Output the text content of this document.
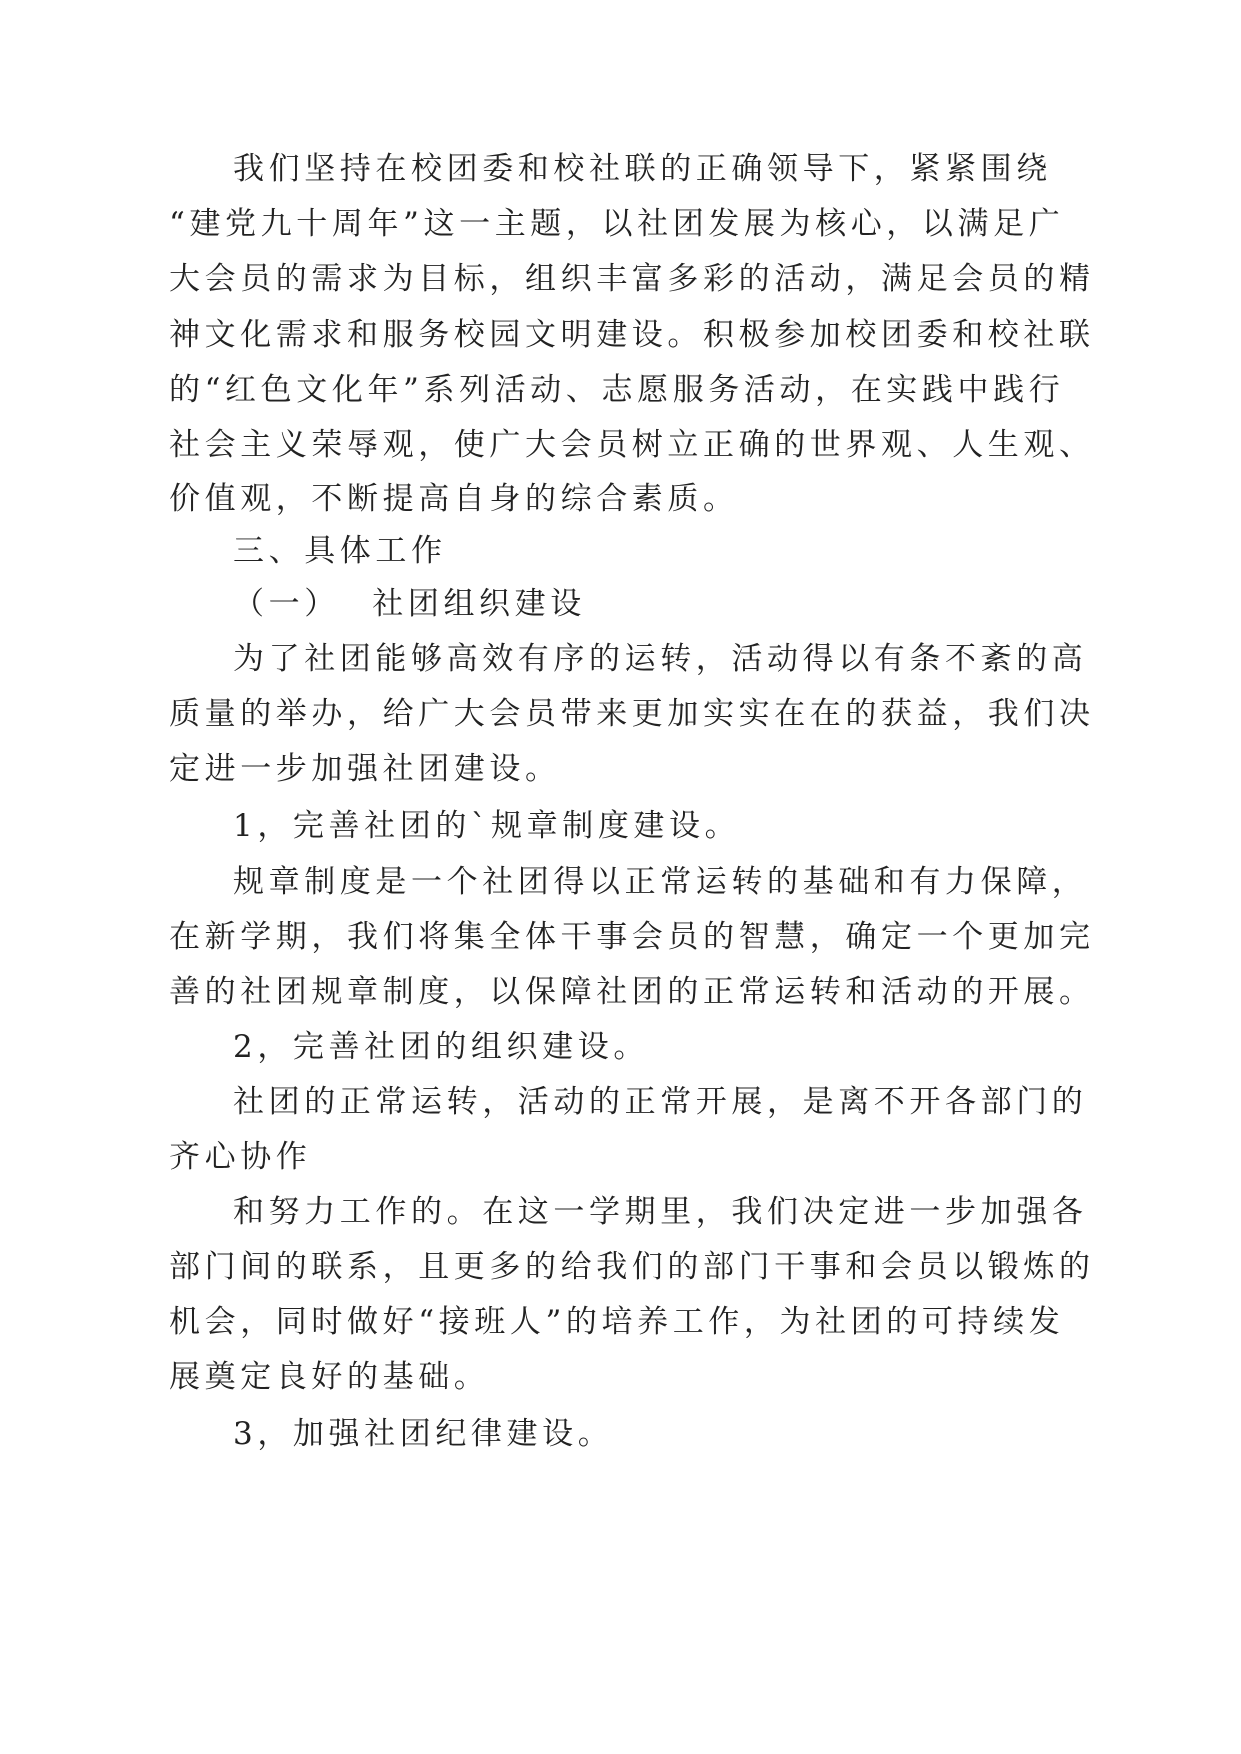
我们坚持在校团委和校社联的正确领导下，紧紧围绕
“建党九十周年”这一主题，以社团发展为核心，以满足广
大会员的需求为目标，组织丰富多彩的活动，满足会员的精
神文化需求和服务校园文明建设。积极参加校团委和校社联
的“红色文化年”系列活动、志愿服务活动，在实践中践行
社会主义荣辱观，使广大会员树立正确的世界观、人生观、
价值观，不断提高自身的综合素质。
三、具体工作
（一） 社团组织建设
为了社团能够高效有序的运转，活动得以有条不紊的高
质量的举办，给广大会员带来更加实实在在的获益，我们决
定进一步加强社团建设。
1，完善社团的`规章制度建设。
规章制度是一个社团得以正常运转的基础和有力保障，
在新学期，我们将集全体干事会员的智慧，确定一个更加完
善的社团规章制度，以保障社团的正常运转和活动的开展。
2，完善社团的组织建设。
社团的正常运转，活动的正常开展，是离不开各部门的
齐心协作
和努力工作的。在这一学期里，我们决定进一步加强各
部门间的联系，且更多的给我们的部门干事和会员以锻炼的
机会，同时做好“接班人”的培养工作，为社团的可持续发
展奠定良好的基础。
3，加强社团纪律建设。
